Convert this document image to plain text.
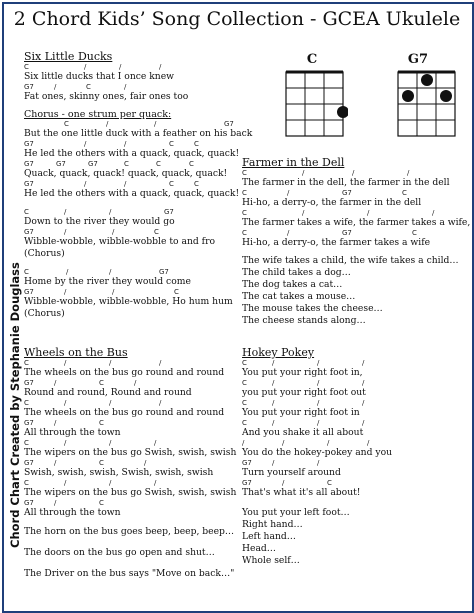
2 Chord Kids’ Song Collection - GCEA Ukulele
Chord Chart Created by Stephanie Douglass
C	G7
Six Little Ducks
C	/	/	/
Six little ducks that I once knew
G7	/	C	/
Fat ones, skinny ones, fair ones too
Chorus - one strum per quack:
C	/	/	G7
But the one little duck with a feather on his back
G7	/	/	C	C
He led the others with a quack, quack, quack!
G7	G7	G7	C	C	C
Quack, quack, quack! quack, quack, quack!
G7	/	/	C	C
He led the others with a quack, quack, quack!
C	/	/	G7
Down to the river they would go
G7	/	/	C
Wibble-wobble, wibble-wobble to and fro
(Chorus)
C	/	/	G7
Home by the river they would come
G7	/	/	C
Wibble-wobble, wibble-wobble, Ho hum hum
(Chorus)
Wheels on the Bus
C	/	/	/
The wheels on the bus go round and round
G7	/	C	/
Round and round, Round and round
C	/	/	/
The wheels on the bus go round and round
G7	/	C
All through the town
C	/	/	/
The wipers on the bus go Swish, swish, swish
G7	/	C	/
Swish, swish, swish, Swish, swish, swish
C	/	/	/
The wipers on the bus go Swish, swish, swish
G7	/	C
All through the town
The horn on the bus goes beep, beep, beep…
The doors on the bus go open and shut…
The Driver on the bus says "Move on back…"
Farmer in the Dell
C	/	/	/
The farmer in the dell, the farmer in the dell
C	/	G7	C
Hi-ho, a derry-o, the farmer in the dell
C	/	/	/
The farmer takes a wife, the farmer takes a wife,
C	/	G7	C
Hi-ho, a derry-o, the farmer takes a wife
The wife takes a child, the wife takes a child…
The child takes a dog…
The dog takes a cat…
The cat takes a mouse…
The mouse takes the cheese…
The cheese stands along…
Hokey Pokey
C	/	/	/
You put your right foot in,
C	/	/	/
you put your right foot out
C	/	/	/
You put your right foot in
C	/	/	/
And you shake it all about
/	/	/	/
You do the hokey-pokey and you
G7	/	/
Turn yourself around
G7	/	C
That's what it's all about!
You put your left foot…
Right hand…
Left hand…
Head…
Whole self…
